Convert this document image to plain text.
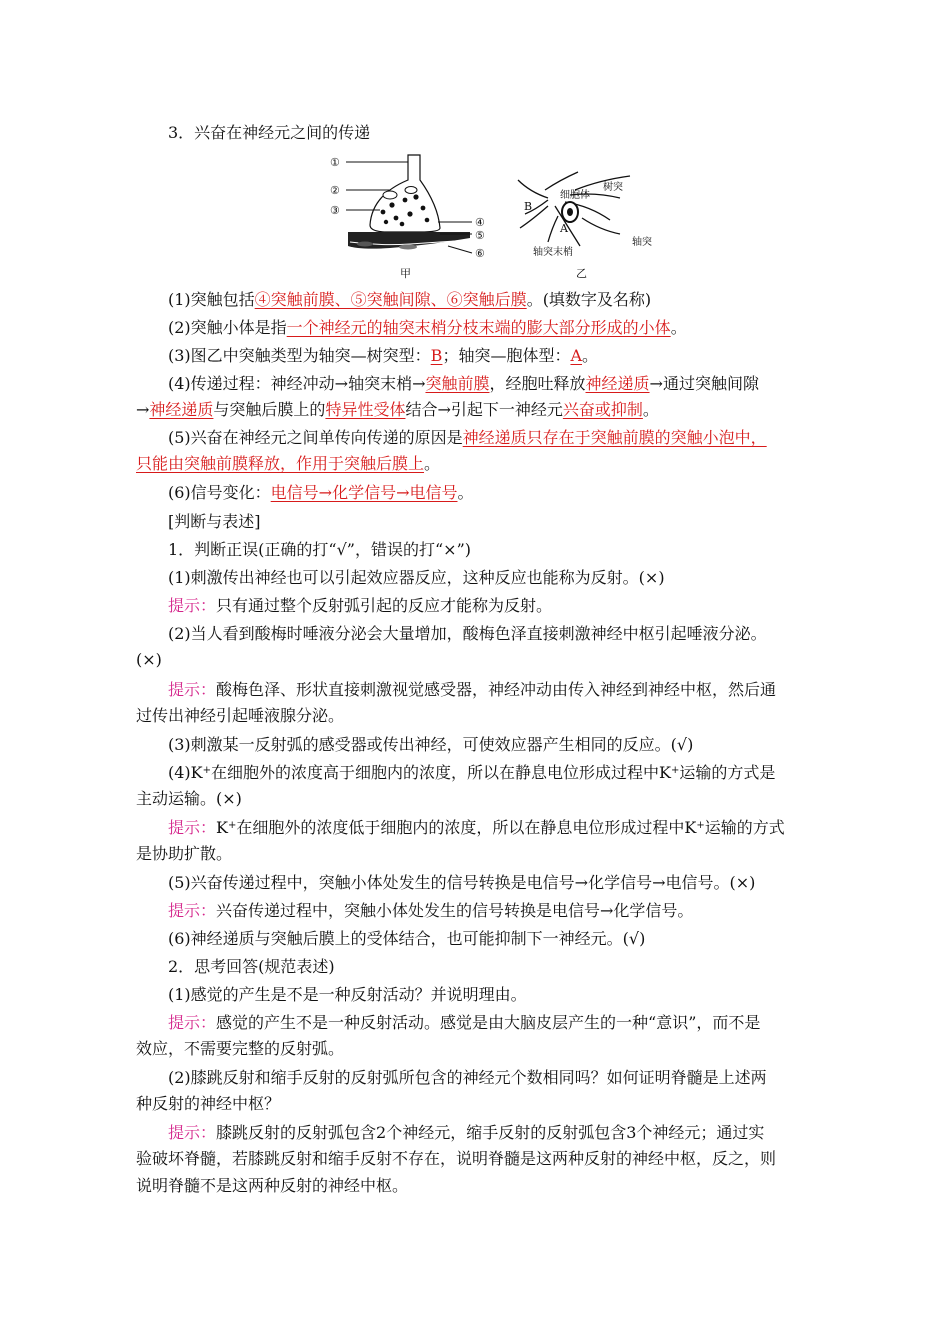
3．兴奋在神经元之间的传递
①
②
③
④
⑤
⑥
甲
细胞体
树突
轴突
轴突末梢
A
B
乙
(1)突触包括④突触前膜、⑤突触间隙、⑥突触后膜。(填数字及名称)
(2)突触小体是指一个神经元的轴突末梢分枝末端的膨大部分形成的小体。
(3)图乙中突触类型为轴突—树突型：B；轴突—胞体型：A。
(4)传递过程：神经冲动→轴突末梢→突触前膜，经胞吐释放神经递质→通过突触间隙
→神经递质与突触后膜上的特异性受体结合→引起下一神经元兴奋或抑制。
(5)兴奋在神经元之间单传向传递的原因是神经递质只存在于突触前膜的突触小泡中，
只能由突触前膜释放，作用于突触后膜上。
(6)信号变化：电信号→化学信号→电信号。
[判断与表述]
1．判断正误(正确的打“√”，错误的打“×”)
(1)刺激传出神经也可以引起效应器反应，这种反应也能称为反射。(×)
提示：只有通过整个反射弧引起的反应才能称为反射。
(2)当人看到酸梅时唾液分泌会大量增加，酸梅色泽直接刺激神经中枢引起唾液分泌。
(×)
提示：酸梅色泽、形状直接刺激视觉感受器，神经冲动由传入神经到神经中枢，然后通
过传出神经引起唾液腺分泌。
(3)刺激某一反射弧的感受器或传出神经，可使效应器产生相同的反应。(√)
(4)K+在细胞外的浓度高于细胞内的浓度，所以在静息电位形成过程中K+运输的方式是
主动运输。(×)
提示：K+在细胞外的浓度低于细胞内的浓度，所以在静息电位形成过程中K+运输的方式
是协助扩散。
(5)兴奋传递过程中，突触小体处发生的信号转换是电信号→化学信号→电信号。(×)
提示：兴奋传递过程中，突触小体处发生的信号转换是电信号→化学信号。
(6)神经递质与突触后膜上的受体结合，也可能抑制下一神经元。(√)
2．思考回答(规范表述)
(1)感觉的产生是不是一种反射活动？并说明理由。
提示：感觉的产生不是一种反射活动。感觉是由大脑皮层产生的一种“意识”，而不是
效应，不需要完整的反射弧。
(2)膝跳反射和缩手反射的反射弧所包含的神经元个数相同吗？如何证明脊髓是上述两
种反射的神经中枢？
提示：膝跳反射的反射弧包含2个神经元，缩手反射的反射弧包含3个神经元；通过实
验破坏脊髓，若膝跳反射和缩手反射不存在，说明脊髓是这两种反射的神经中枢，反之，则
说明脊髓不是这两种反射的神经中枢。
